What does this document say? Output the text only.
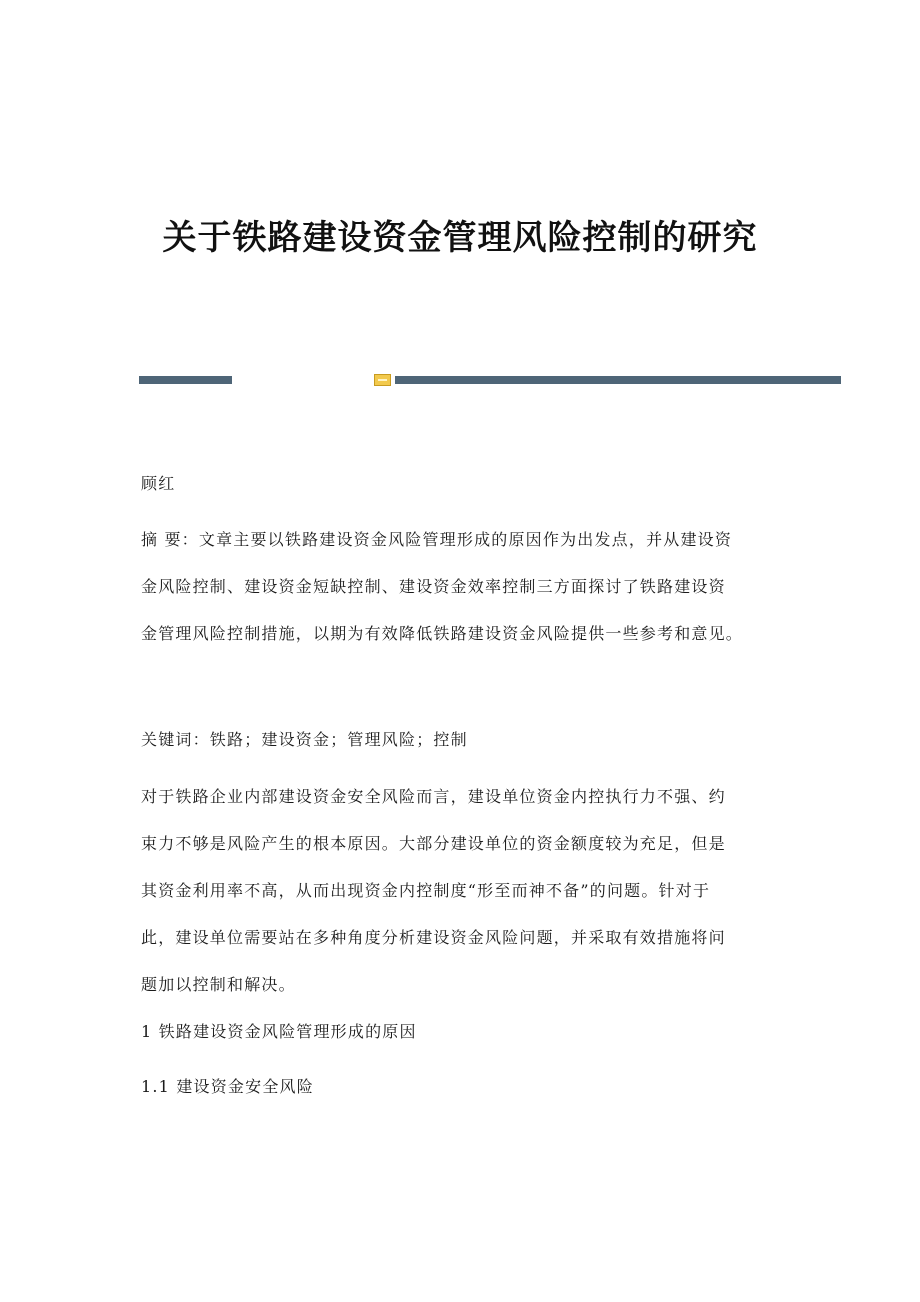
关于铁路建设资金管理风险控制的研究
顾红
摘 要：文章主要以铁路建设资金风险管理形成的原因作为出发点，并从建设资
金风险控制、建设资金短缺控制、建设资金效率控制三方面探讨了铁路建设资
金管理风险控制措施，以期为有效降低铁路建设资金风险提供一些参考和意见。
关键词：铁路；建设资金；管理风险；控制
对于铁路企业内部建设资金安全风险而言，建设单位资金内控执行力不强、约
束力不够是风险产生的根本原因。大部分建设单位的资金额度较为充足，但是
其资金利用率不高，从而出现资金内控制度“形至而神不备”的问题。针对于
此，建设单位需要站在多种角度分析建设资金风险问题，并采取有效措施将问
题加以控制和解决。
1 铁路建设资金风险管理形成的原因
1.1 建设资金安全风险
